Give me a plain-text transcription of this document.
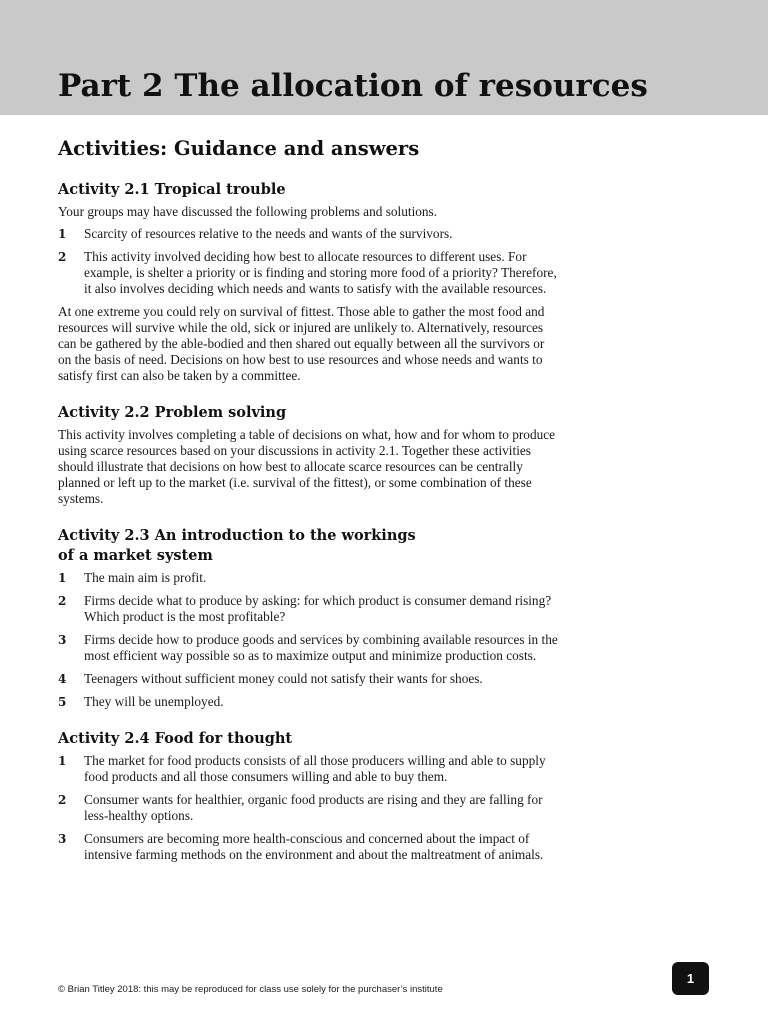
Part 2 The allocation of resources
Activities: Guidance and answers
Activity 2.1 Tropical trouble

Your groups may have discussed the following problems and solutions.

1 Scarcity of resources relative to the needs and wants of the survivors.
2 This activity involved deciding how best to allocate resources to different uses. For example, is shelter a priority or is finding and storing more food of a priority? Therefore, it also involves deciding which needs and wants to satisfy with the available resources.

At one extreme you could rely on survival of fittest. Those able to gather the most food and resources will survive while the old, sick or injured are unlikely to. Alternatively, resources can be gathered by the able-bodied and then shared out equally between all the survivors or on the basis of need. Decisions on how best to use resources and whose needs and wants to satisfy first can also be taken by a committee.

Activity 2.2 Problem solving

This activity involves completing a table of decisions on what, how and for whom to produce using scarce resources based on your discussions in activity 2.1. Together these activities should illustrate that decisions on how best to allocate scarce resources can be centrally planned or left up to the market (i.e. survival of the fittest), or some combination of these systems.

Activity 2.3 An introduction to the workings of a market system
1 The main aim is profit.
2 Firms decide what to produce by asking: for which product is consumer demand rising? Which product is the most profitable?
3 Firms decide how to produce goods and services by combining available resources in the most efficient way possible so as to maximize output and minimize production costs.
4 Teenagers without sufficient money could not satisfy their wants for shoes.
5 They will be unemployed.
Activity 2.4 Food for thought
1 The market for food products consists of all those producers willing and able to supply food products and all those consumers willing and able to buy them.
2 Consumer wants for healthier, organic food products are rising and they are falling for less-healthy options.
3 Consumers are becoming more health-conscious and concerned about the impact of intensive farming methods on the environment and about the maltreatment of animals.
© Brian Titley 2018: this may be reproduced for class use solely for the purchaser’s institute
1
